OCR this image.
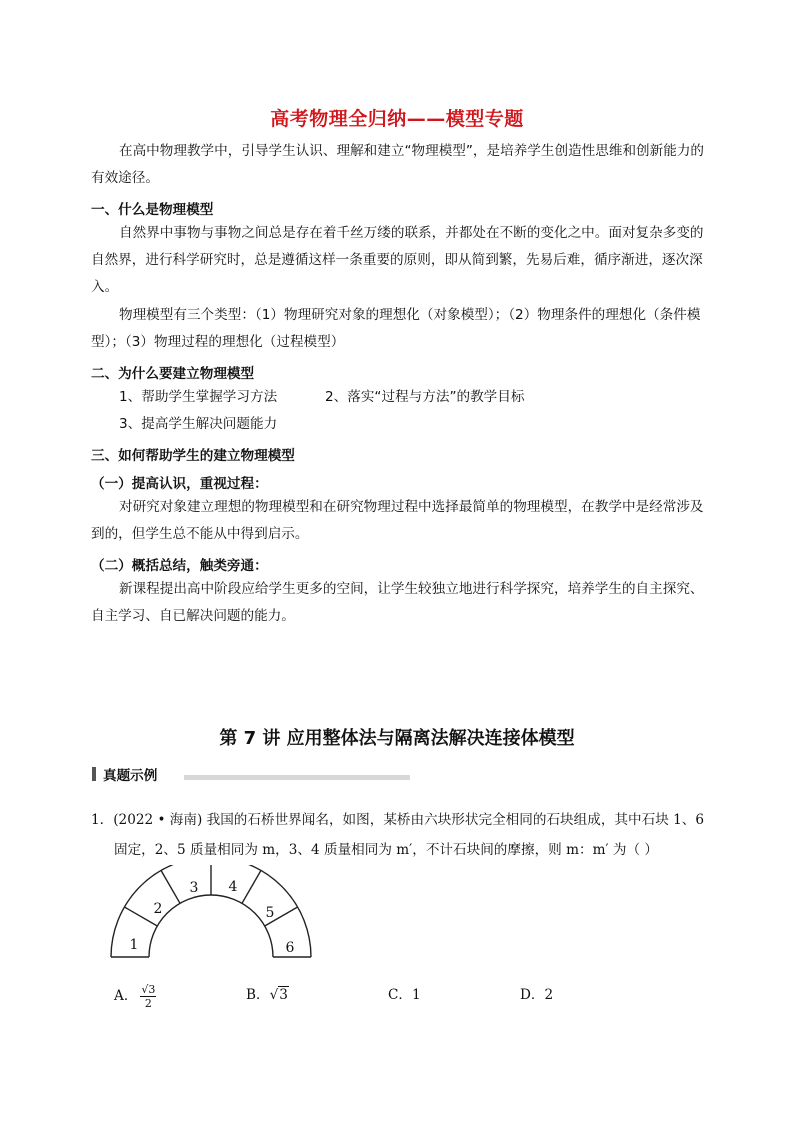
高考物理全归纳——模型专题
在高中物理教学中，引导学生认识、理解和建立“物理模型”，是培养学生创造性思维和创新能力的有效途径。
一、什么是物理模型
自然界中事物与事物之间总是存在着千丝万缕的联系，并都处在不断的变化之中。面对复杂多变的自然界，进行科学研究时，总是遵循这样一条重要的原则，即从简到繁，先易后难，循序渐进，逐次深入。
物理模型有三个类型：（1）物理研究对象的理想化（对象模型）；（2）物理条件的理想化（条件模型）；（3）物理过程的理想化（过程模型）
二、为什么要建立物理模型
1、帮助学生掌握学习方法	2、落实“过程与方法”的教学目标
3、提高学生解决问题能力
三、如何帮助学生的建立物理模型
（一）提高认识，重视过程：
对研究对象建立理想的物理模型和在研究物理过程中选择最简单的物理模型，在教学中是经常涉及到的，但学生总不能从中得到启示。
（二）概括总结，触类旁通：
新课程提出高中阶段应给学生更多的空间，让学生较独立地进行科学探究，培养学生的自主探究、自主学习、自已解决问题的能力。
第 7 讲 应用整体法与隔离法解决连接体模型
真题示例
1．(2022 • 海南) 我国的石桥世界闻名，如图，某桥由六块形状完全相同的石块组成，其中石块 1、6
固定，2、5 质量相同为 m，3、4 质量相同为 m′，不计石块间的摩擦，则 m：m′ 为（ ）
1
2
3 4
5
6
A． $\frac{√3}{2}$	B．√3	C．1	D．2
